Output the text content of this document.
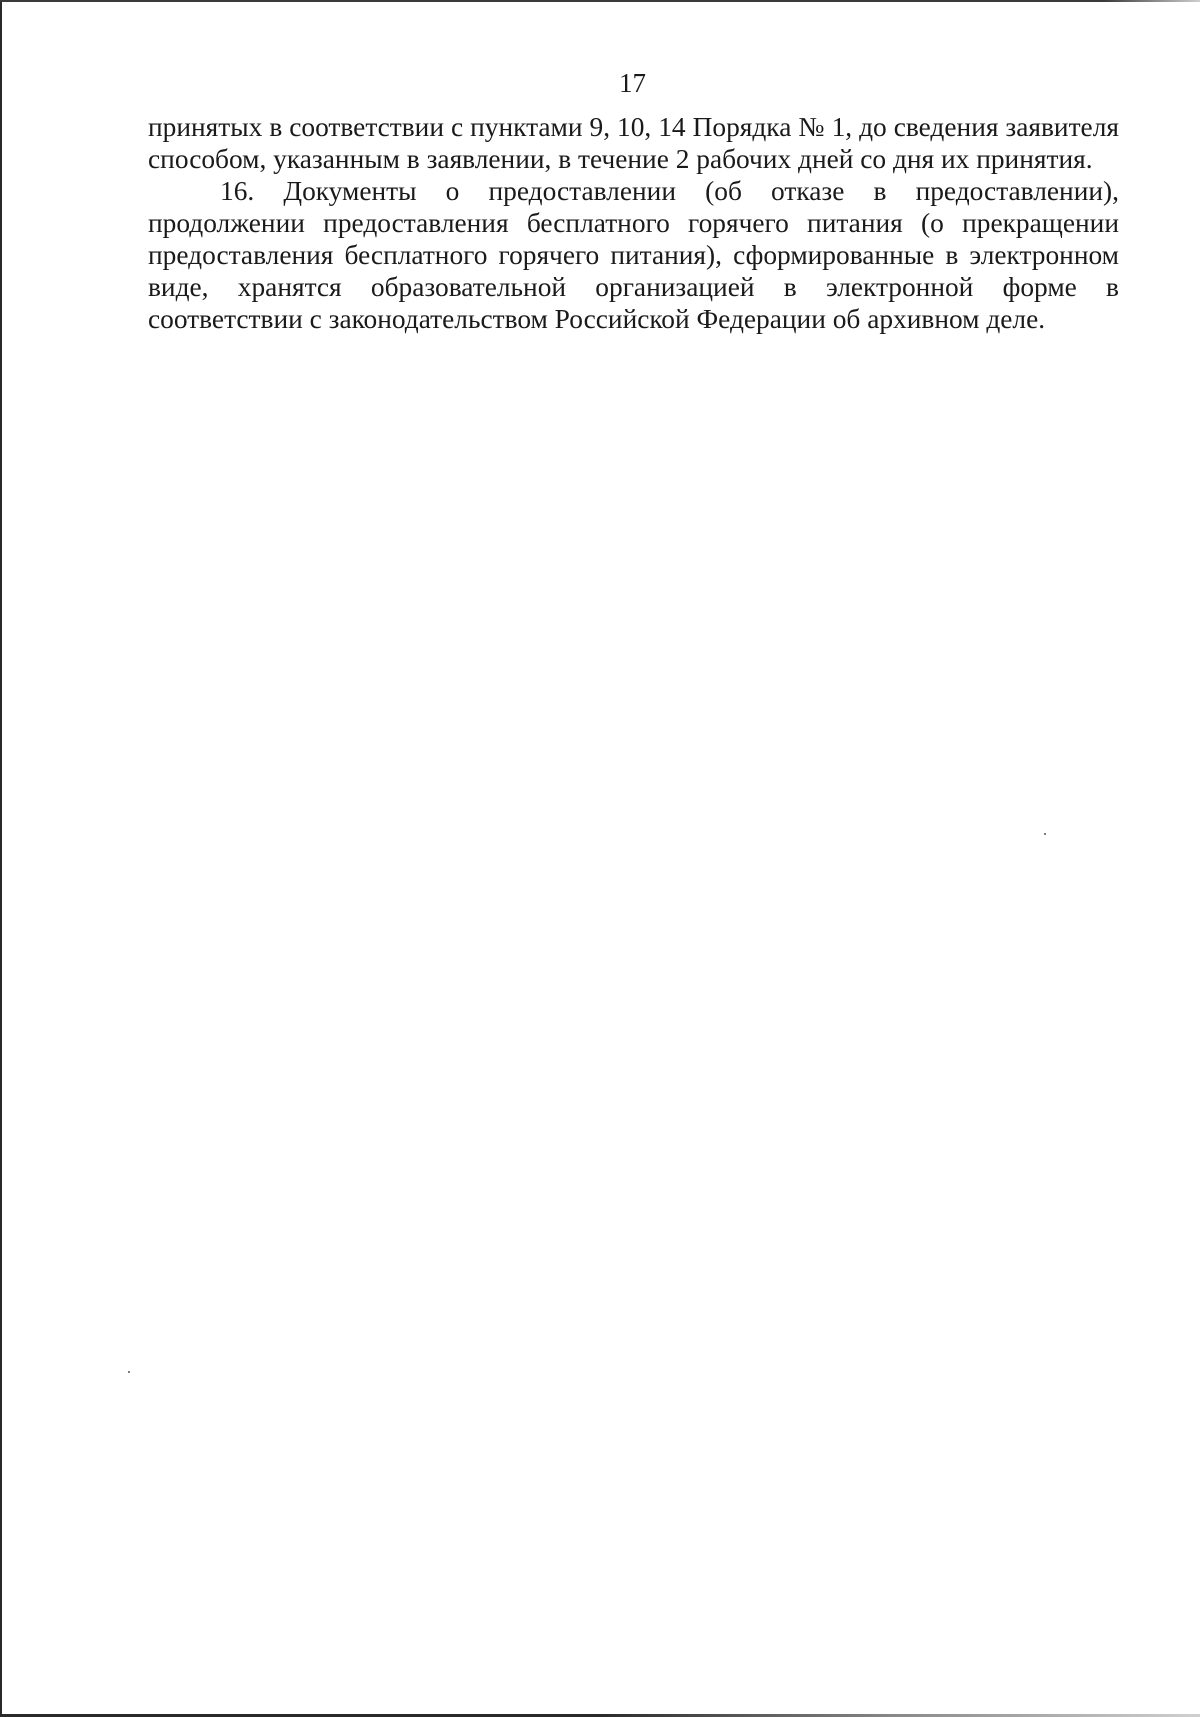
17

принятых в соответствии с пунктами 9, 10, 14 Порядка № 1, до сведения заявителя способом, указанным в заявлении, в течение 2 рабочих дней со дня их принятия.

16. Документы о предоставлении (об отказе в предоставлении), продолжении предоставления бесплатного горячего питания (о прекращении предоставления бесплатного горячего питания), сформированные в электронном виде, хранятся образовательной организацией в электронной форме в соответствии с законодательством Российской Федерации об архивном деле.
